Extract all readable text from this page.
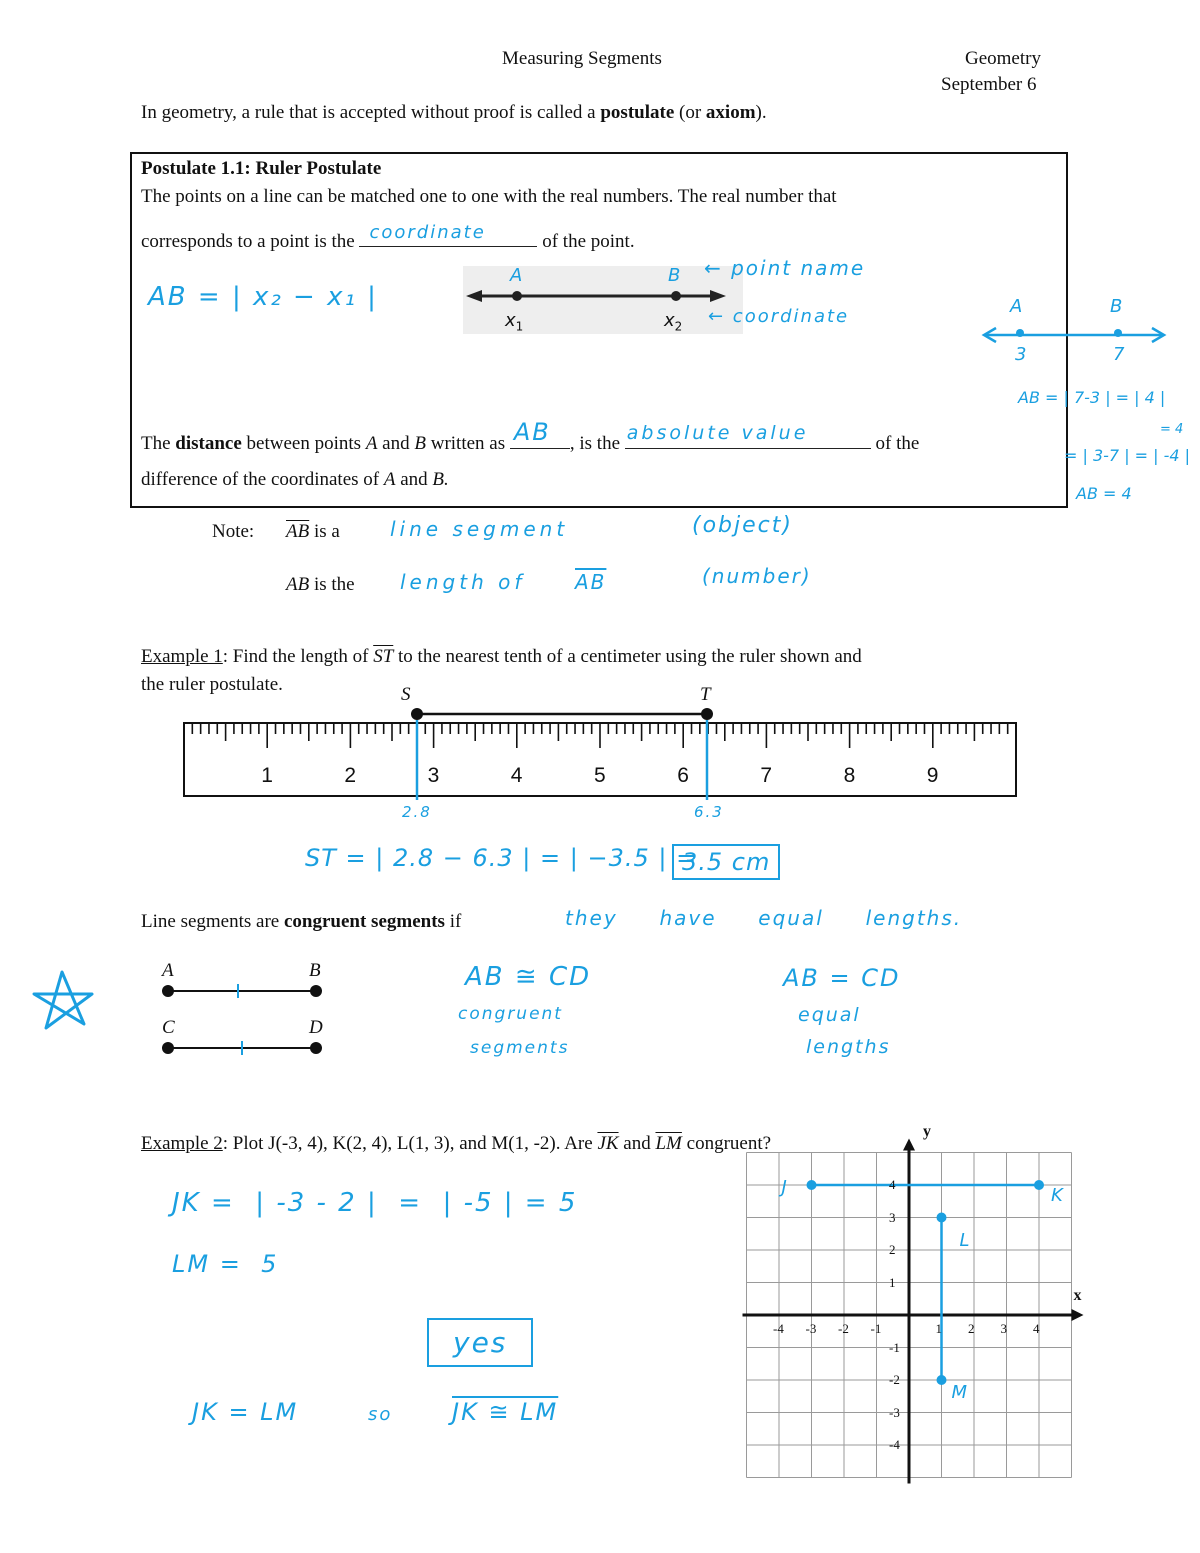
Measuring Segments	Geometry
September 6
In geometry, a rule that is accepted without proof is called a postulate (or axiom).
Postulate 1.1: Ruler Postulate
The points on a line can be matched one to one with the real numbers. The real number that
corresponds to a point is the coordinate	of the point.
AB = | x₂ − x₁ |
A	B
$x_1$	$x_2$
← point name
← coordinate
The distance between points A and B written as AB , is the absolute value	of the
difference of the coordinates of A and B.
A	B
3	7
AB = | 7-3 | = | 4 |
= 4
= | 3-7 | = | -4 |
AB = 4
Note: $\overline{AB}$ is a	line segment	(object)
AB is the length of $\overline{AB}$	(number)
Example 1: Find the length of $\overline{ST}$ to the nearest tenth of a centimeter using the ruler shown and
the ruler postulate.	S	T
1	2	3	4	5	6	7	8	9
2.8	6.3
ST = | 2.8 − 6.3 | = | −3.5 | =
3.5 cm
Line segments are congruent segments if	they     have     equal     lengths.
A	B
C	D
AB ≅ CD
congruent
segments
AB = CD
equal
lengths
Example 2: Plot J(-3, 4), K(2, 4), L(1, 3), and M(1, -2). Are $\overline{JK}$ and $\overline{LM}$ congruent?
JK =  | -3 - 2 |  =  | -5 | = 5
LM =  5
yes
JK = LM	so JK ≅ LM
-4 -3 -2 -1	1 2 3 4
4
3
2
1
-1
-2
-3
-4
x
y
J	K
L
M
